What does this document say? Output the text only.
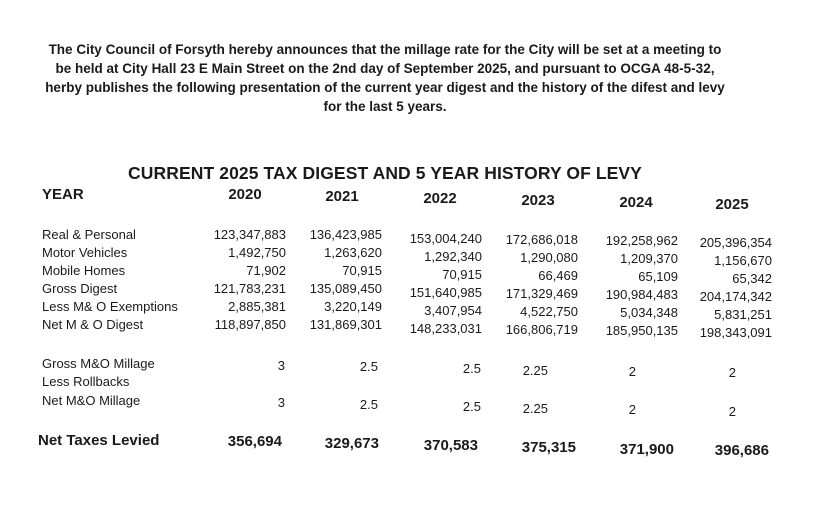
The City Council of Forsyth hereby announces that the millage rate for the City will be set at a meeting to be held at City Hall 23 E Main Street on the 2nd day of September 2025, and pursuant to OCGA 48-5-32, herby publishes the following presentation of the current year digest and the history of the difest and levy for the last 5 years.
CURRENT 2025 TAX DIGEST AND 5 YEAR HISTORY OF LEVY
YEAR	2020	2021	2022	2023	2024	2025
Real & Personal	123,347,883	136,423,985	153,004,240	172,686,018	192,258,962	205,396,354
Motor Vehicles	1,492,750	1,263,620	1,292,340	1,290,080	1,209,370	1,156,670
Mobile Homes	71,902	70,915	70,915	66,469	65,109	65,342
Gross Digest	121,783,231	135,089,450	151,640,985	171,329,469	190,984,483	204,174,342
Less M& O Exemptions	2,885,381	3,220,149	3,407,954	4,522,750	5,034,348	5,831,251
Net M & O Digest	118,897,850	131,869,301	148,233,031	166,806,719	185,950,135	198,343,091
Gross M&O Millage	3	2.5	2.5	2.25	2	2
Less Rollbacks
Net M&O Millage	3	2.5	2.5	2.25	2	2
Net Taxes Levied	356,694	329,673	370,583	375,315	371,900	396,686
